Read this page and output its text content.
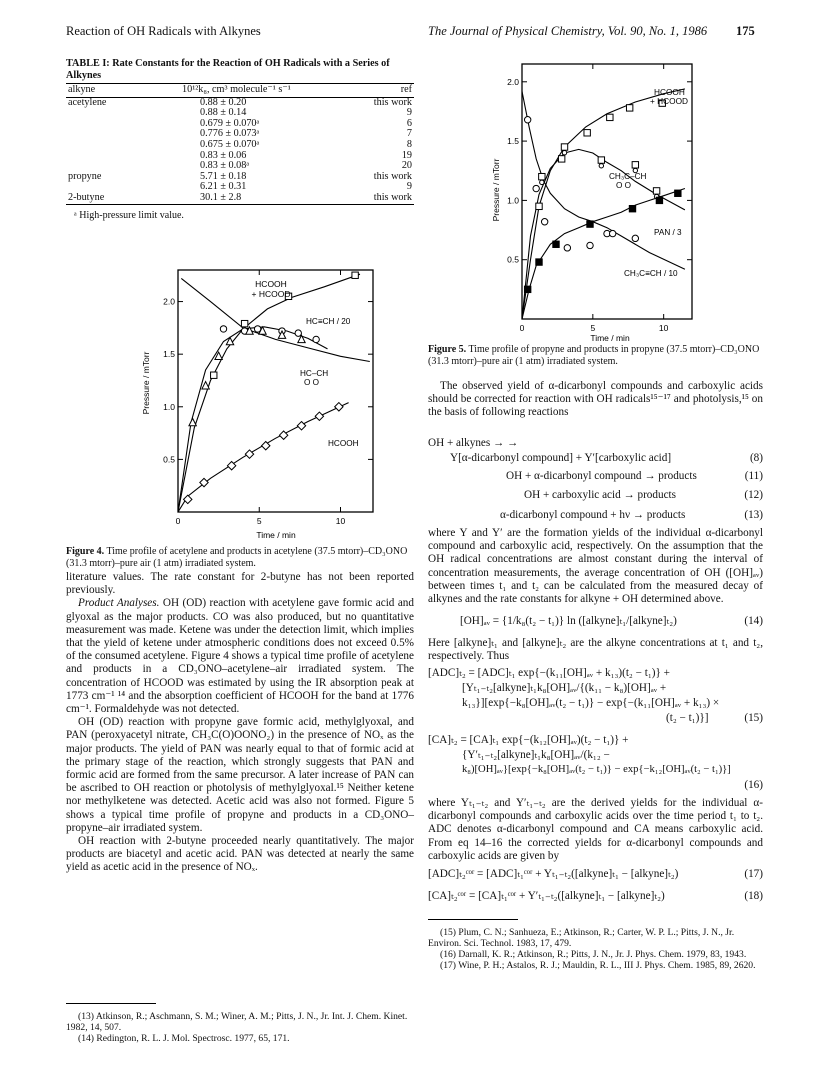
Reaction of OH Radicals with Alkynes	The Journal of Physical Chemistry, Vol. 90, No. 1, 1986 175
TABLE I: Rate Constants for the Reaction of OH Radicals with a Series of Alkynes
alkyne	10¹²k₈, cm³ molecule⁻¹ s⁻¹	ref
acetylene	0.88 ± 0.20	this work
	0.88 ± 0.14	9
	0.679 ± 0.070ᵃ	6
	0.776 ± 0.073ᵃ	7
	0.675 ± 0.070ᵃ	8
	0.83 ± 0.06	19
	0.83 ± 0.08ᵃ	20
propyne	5.71 ± 0.18	this work
	6.21 ± 0.31	9
2-butyne	30.1 ± 2.8	this work
ᵃ High-pressure limit value.
0	5	10
0.5
1.0
1.5
2.0
HCOOH
+ HCOOD
HC≡CH / 20
HC–CH
O O
HCOOH
Pressure / mTorr
Time / min
Figure 4. Time profile of acetylene and products in acetylene (37.5 mtorr)–CD₃ONO (31.3 mtorr)–pure air (1 atm) irradiated system.
0	5	10
0.5
1.0
1.5
2.0
HCOOH
+ HCOOD
CH₃C–CH
O O
PAN / 3
CH₃C≡CH / 10
Pressure / mTorr
Time / min
Figure 5. Time profile of propyne and products in propyne (37.5 mtorr)–CD₃ONO (31.3 mtorr)–pure air (1 atm) irradiated system.

literature values. The rate constant for 2-butyne has not been reported previously.

Product Analyses. OH (OD) reaction with acetylene gave formic acid and glyoxal as the major products. CO was also produced, but no quantitative measurement was made. Ketene was under the detection limit, which implies that the yield of ketene under atmospheric conditions does not exceed 0.5% of the consumed acetylene. Figure 4 shows a typical time profile of acetylene and products in a CD₃ONO–acetylene–air irradiated system. The concentration of HCOOD was estimated by using the IR absorption peak at 1773 cm⁻¹ ¹⁴ and the absorption coefficient of HCOOH for the band at 1776 cm⁻¹. Formaldehyde was not detected.

OH (OD) reaction with propyne gave formic acid, methylglyoxal, and PAN (peroxyacetyl nitrate, CH₃C(O)OONO₂) in the presence of NOₓ as the major products. The yield of PAN was nearly equal to that of formic acid at the primary stage of the reaction, which strongly suggests that PAN and formic acid are formed from the same precursor. A later increase of PAN can be ascribed to OH reaction or photolysis of methylglyoxal.¹⁵ Neither ketene nor methylketene was detected. Acetic acid was also not formed. Figure 5 shows a typical time profile of propyne and products in a CD₃ONO–propyne–air irradiated system.

OH reaction with 2-butyne proceeded nearly quantitatively. The major products are biacetyl and acetic acid. PAN was detected at nearly the same yield as acetic acid in the presence of NOₓ.

(13) Atkinson, R.; Aschmann, S. M.; Winer, A. M.; Pitts, J. N., Jr. Int. J. Chem. Kinet. 1982, 14, 507.
(14) Redington, R. L. J. Mol. Spectrosc. 1977, 65, 171.

The observed yield of α-dicarbonyl compounds and carboxylic acids should be corrected for reaction with OH radicals¹⁵⁻¹⁷ and photolysis,¹⁵ on the basis of following reactions

OH + alkynes → →
Y[α-dicarbonyl compound] + Y′[carboxylic acid]	(8)
OH + α-dicarbonyl compound → products	(11)
OH + carboxylic acid → products	(12)
α-dicarbonyl compound + hν → products	(13)

where Y and Y′ are the formation yields of the individual α-dicarbonyl compound and carboxylic acid, respectively. On the assumption that the OH radical concentrations are almost constant during the interval of concentration measurements, the average concentration of OH ([OH]ₐᵥ) between times t₁ and t₂ can be calculated from the measured decay of alkynes and the rate constants for alkyne + OH determined above.

[OH]ₐᵥ = {1/k₈(t₂ − t₁)} ln ([alkyne]ₜ₁/[alkyne]ₜ₂)	(14)

Here [alkyne]ₜ₁ and [alkyne]ₜ₂ are the alkyne concentrations at t₁ and t₂, respectively. Thus

[ADC]ₜ₂ = [ADC]ₜ₁ exp{−(k₁₁[OH]ₐᵥ + k₁₃)(t₂ − t₁)} +
[Yₜ₁₋ₜ₂[alkyne]ₜ₁k₈[OH]ₐᵥ/{(k₁₁ − k₈)[OH]ₐᵥ +
k₁₃}][exp{−k₈[OH]ₐᵥ(t₂ − t₁)} − exp{−(k₁₁[OH]ₐᵥ + k₁₃) ×
(t₂ − t₁)}]	(15)
[CA]ₜ₂ = [CA]ₜ₁ exp{−(k₁₂[OH]ₐᵥ)(t₂ − t₁)} +
{Y′ₜ₁₋ₜ₂[alkyne]ₜ₁k₈[OH]ₐᵥ/(k₁₂ −
k₈)[OH]ₐᵥ}[exp{−k₈[OH]ₐᵥ(t₂ − t₁)} − exp{−k₁₂[OH]ₐᵥ(t₂ − t₁)}]
(16)

where Yₜ₁₋ₜ₂ and Y′ₜ₁₋ₜ₂ are the derived yields for the individual α-dicarbonyl compounds and carboxylic acids over the time period t₁ to t₂. ADC denotes α-dicarbonyl compound and CA means carboxylic acid. From eq 14–16 the corrected yields for α-dicarbonyl compounds and carboxylic acids are given by

[ADC]ₜ₂ᶜᵒʳ = [ADC]ₜ₁ᶜᵒʳ + Yₜ₁₋ₜ₂([alkyne]ₜ₁ − [alkyne]ₜ₂)	(17)
[CA]ₜ₂ᶜᵒʳ = [CA]ₜ₁ᶜᵒʳ + Y′ₜ₁₋ₜ₂([alkyne]ₜ₁ − [alkyne]ₜ₂)	(18)
(15) Plum, C. N.; Sanhueza, E.; Atkinson, R.; Carter, W. P. L.; Pitts, J. N., Jr. Environ. Sci. Technol. 1983, 17, 479.
(16) Darnall, K. R.; Atkinson, R.; Pitts, J. N., Jr. J. Phys. Chem. 1979, 83, 1943.
(17) Wine, P. H.; Astalos, R. J.; Mauldin, R. L., III J. Phys. Chem. 1985, 89, 2620.
